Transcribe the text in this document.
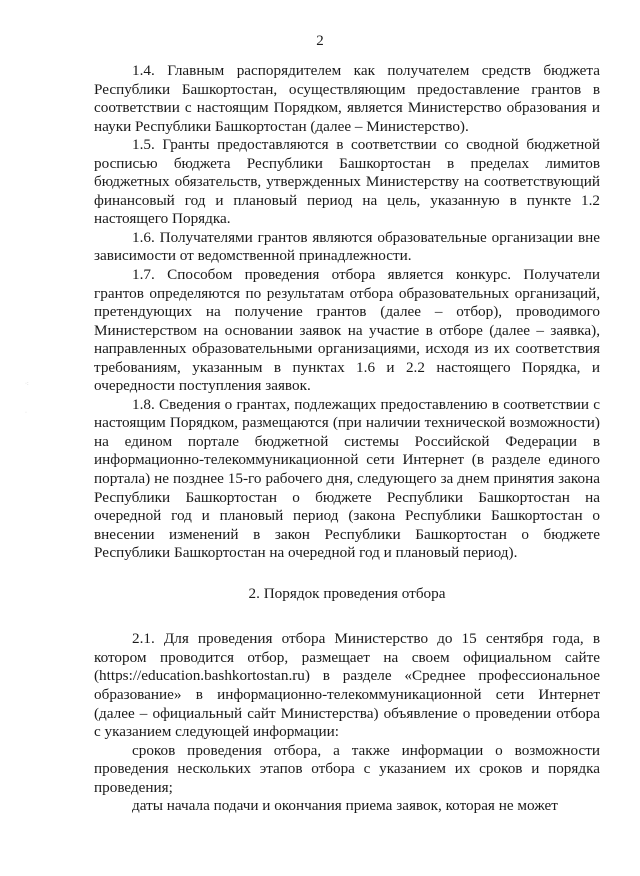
2

1.4. Главным распорядителем как получателем средств бюджета Республики Башкортостан, осуществляющим предоставление грантов в соответствии с настоящим Порядком, является Министерство образования и науки Республики Башкортостан (далее – Министерство).

1.5. Гранты предоставляются в соответствии со сводной бюджетной росписью бюджета Республики Башкортостан в пределах лимитов бюджетных обязательств, утвержденных Министерству на соответствующий финансовый год и плановый период на цель, указанную в пункте 1.2 настоящего Порядка.

1.6. Получателями грантов являются образовательные организации вне зависимости от ведомственной принадлежности.

1.7. Способом проведения отбора является конкурс. Получатели грантов определяются по результатам отбора образовательных организаций, претендующих на получение грантов (далее – отбор), проводимого Министерством на основании заявок на участие в отборе (далее – заявка), направленных образовательными организациями, исходя из их соответствия требованиям, указанным в пунктах 1.6 и 2.2 настоящего Порядка, и очередности поступления заявок.

1.8. Сведения о грантах, подлежащих предоставлению в соответствии с настоящим Порядком, размещаются (при наличии технической возможности) на едином портале бюджетной системы Российской Федерации в информационно-телекоммуникационной сети Интернет (в разделе единого портала) не позднее 15-го рабочего дня, следующего за днем принятия закона Республики Башкортостан о бюджете Республики Башкортостан на очередной год и плановый период (закона Республики Башкортостан о внесении изменений в закон Республики Башкортостан о бюджете Республики Башкортостан на очередной год и плановый период).

2. Порядок проведения отбора

2.1. Для проведения отбора Министерство до 15 сентября года, в котором проводится отбор, размещает на своем официальном сайте (https://education.bashkortostan.ru) в разделе «Среднее профессиональное образование» в информационно-телекоммуникационной сети Интернет (далее – официальный сайт Министерства) объявление о проведении отбора с указанием следующей информации:

сроков проведения отбора, а также информации о возможности проведения нескольких этапов отбора с указанием их сроков и порядка проведения;

даты начала подачи и окончания приема заявок, которая не может

·:
·
